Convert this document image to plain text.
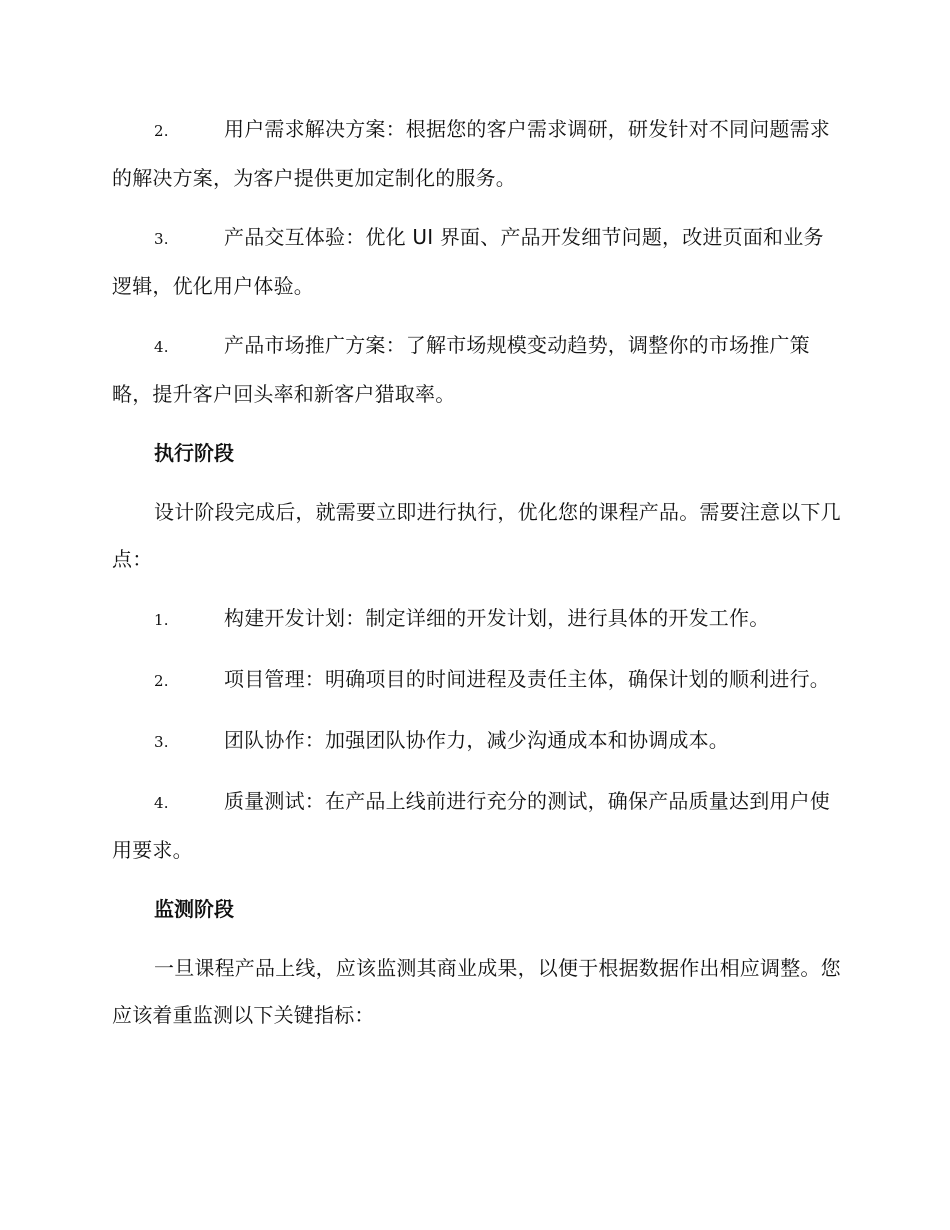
2.	用户需求解决方案：根据您的客户需求调研，研发针对不同问题需求的解决方案，为客户提供更加定制化的服务。

3.	产品交互体验：优化 UI 界面、产品开发细节问题，改进页面和业务逻辑，优化用户体验。

4.	产品市场推广方案：了解市场规模变动趋势，调整你的市场推广策略，提升客户回头率和新客户猎取率。

执行阶段

设计阶段完成后，就需要立即进行执行，优化您的课程产品。需要注意以下几点：

1.	构建开发计划：制定详细的开发计划，进行具体的开发工作。

2.	项目管理：明确项目的时间进程及责任主体，确保计划的顺利进行。

3.	团队协作：加强团队协作力，减少沟通成本和协调成本。

4.	质量测试：在产品上线前进行充分的测试，确保产品质量达到用户使用要求。

监测阶段

一旦课程产品上线，应该监测其商业成果，以便于根据数据作出相应调整。您应该着重监测以下关键指标：
